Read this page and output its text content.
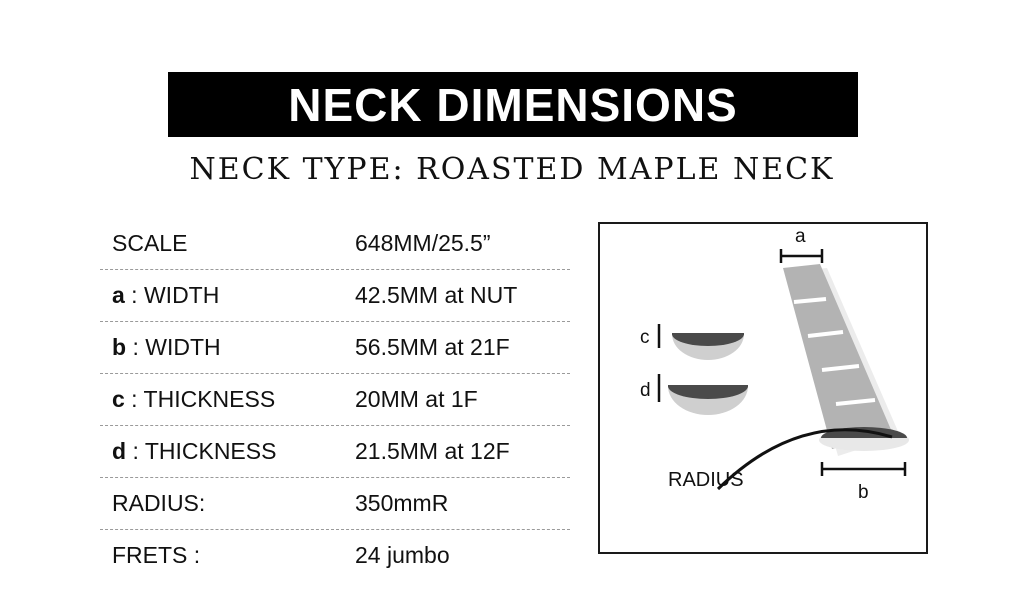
NECK DIMENSIONS
NECK TYPE: ROASTED MAPLE NECK
SCALE	648MM/25.5”
a : WIDTH	42.5MM at NUT
b : WIDTH	56.5MM at 21F
c : THICKNESS	20MM at 1F
d : THICKNESS	21.5MM at 12F
RADIUS:	350mmR
FRETS :	24 jumbo
a
b
c
d
RADIUS
